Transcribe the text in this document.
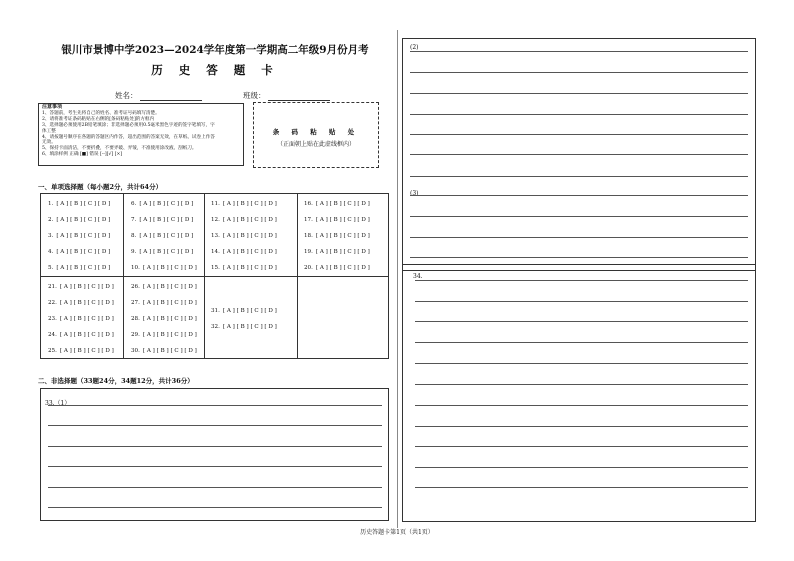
银川市景博中学2023—2024学年度第一学期高二年级9月份月考
历 史 答 题 卡
姓名：	班级：
注意事项
1、答题前，考生先将自己的姓名、准考证号码填写清楚。
2、请将准考证条码粘贴在右侧的[条码粘贴处]的方框内
3、选择题必须使用2B铅笔填涂；非选择题必须用0.5毫米黑色字迹的签字笔填写，字
体工整
4、请按题号顺序在各题的答题区内作答，超出范围的答案无效，在草纸、试卷上作答
无效。
5、保持卡面清洁，不要折叠，不要弄破、弄皱，不准使用涂改液、刮纸刀。
6、填涂样例 正确 [■] 错误 [--][√] [×]
条 码 粘 贴 处
（正面朝上贴在此虚线框内）
一、单项选择题（每小题2分，共计64分）
1. [ A ] [ B ] [ C ] [ D ]
2. [ A ] [ B ] [ C ] [ D ]
3. [ A ] [ B ] [ C ] [ D ]
4. [ A ] [ B ] [ C ] [ D ]
5. [ A ] [ B ] [ C ] [ D ]
6. [ A ] [ B ] [ C ] [ D ]
7. [ A ] [ B ] [ C ] [ D ]
8. [ A ] [ B ] [ C ] [ D ]
9. [ A ] [ B ] [ C ] [ D ]
10. [ A ] [ B ] [ C ] [ D ]
11. [ A ] [ B ] [ C ] [ D ]
12. [ A ] [ B ] [ C ] [ D ]
13. [ A ] [ B ] [ C ] [ D ]
14. [ A ] [ B ] [ C ] [ D ]
15. [ A ] [ B ] [ C ] [ D ]
16. [ A ] [ B ] [ C ] [ D ]
17. [ A ] [ B ] [ C ] [ D ]
18. [ A ] [ B ] [ C ] [ D ]
19. [ A ] [ B ] [ C ] [ D ]
20. [ A ] [ B ] [ C ] [ D ]
21. [ A ] [ B ] [ C ] [ D ]
22. [ A ] [ B ] [ C ] [ D ]
23. [ A ] [ B ] [ C ] [ D ]
24. [ A ] [ B ] [ C ] [ D ]
25. [ A ] [ B ] [ C ] [ D ]
26. [ A ] [ B ] [ C ] [ D ]
27. [ A ] [ B ] [ C ] [ D ]
28. [ A ] [ B ] [ C ] [ D ]
29. [ A ] [ B ] [ C ] [ D ]
30. [ A ] [ B ] [ C ] [ D ]
31. [ A ] [ B ] [ C ] [ D ]
32. [ A ] [ B ] [ C ] [ D ]
二、非选择题（33题24分，34题12分，共计36分）
33.（1）
(2)
(3)
34.
历史答题卡第1页（共1页）
